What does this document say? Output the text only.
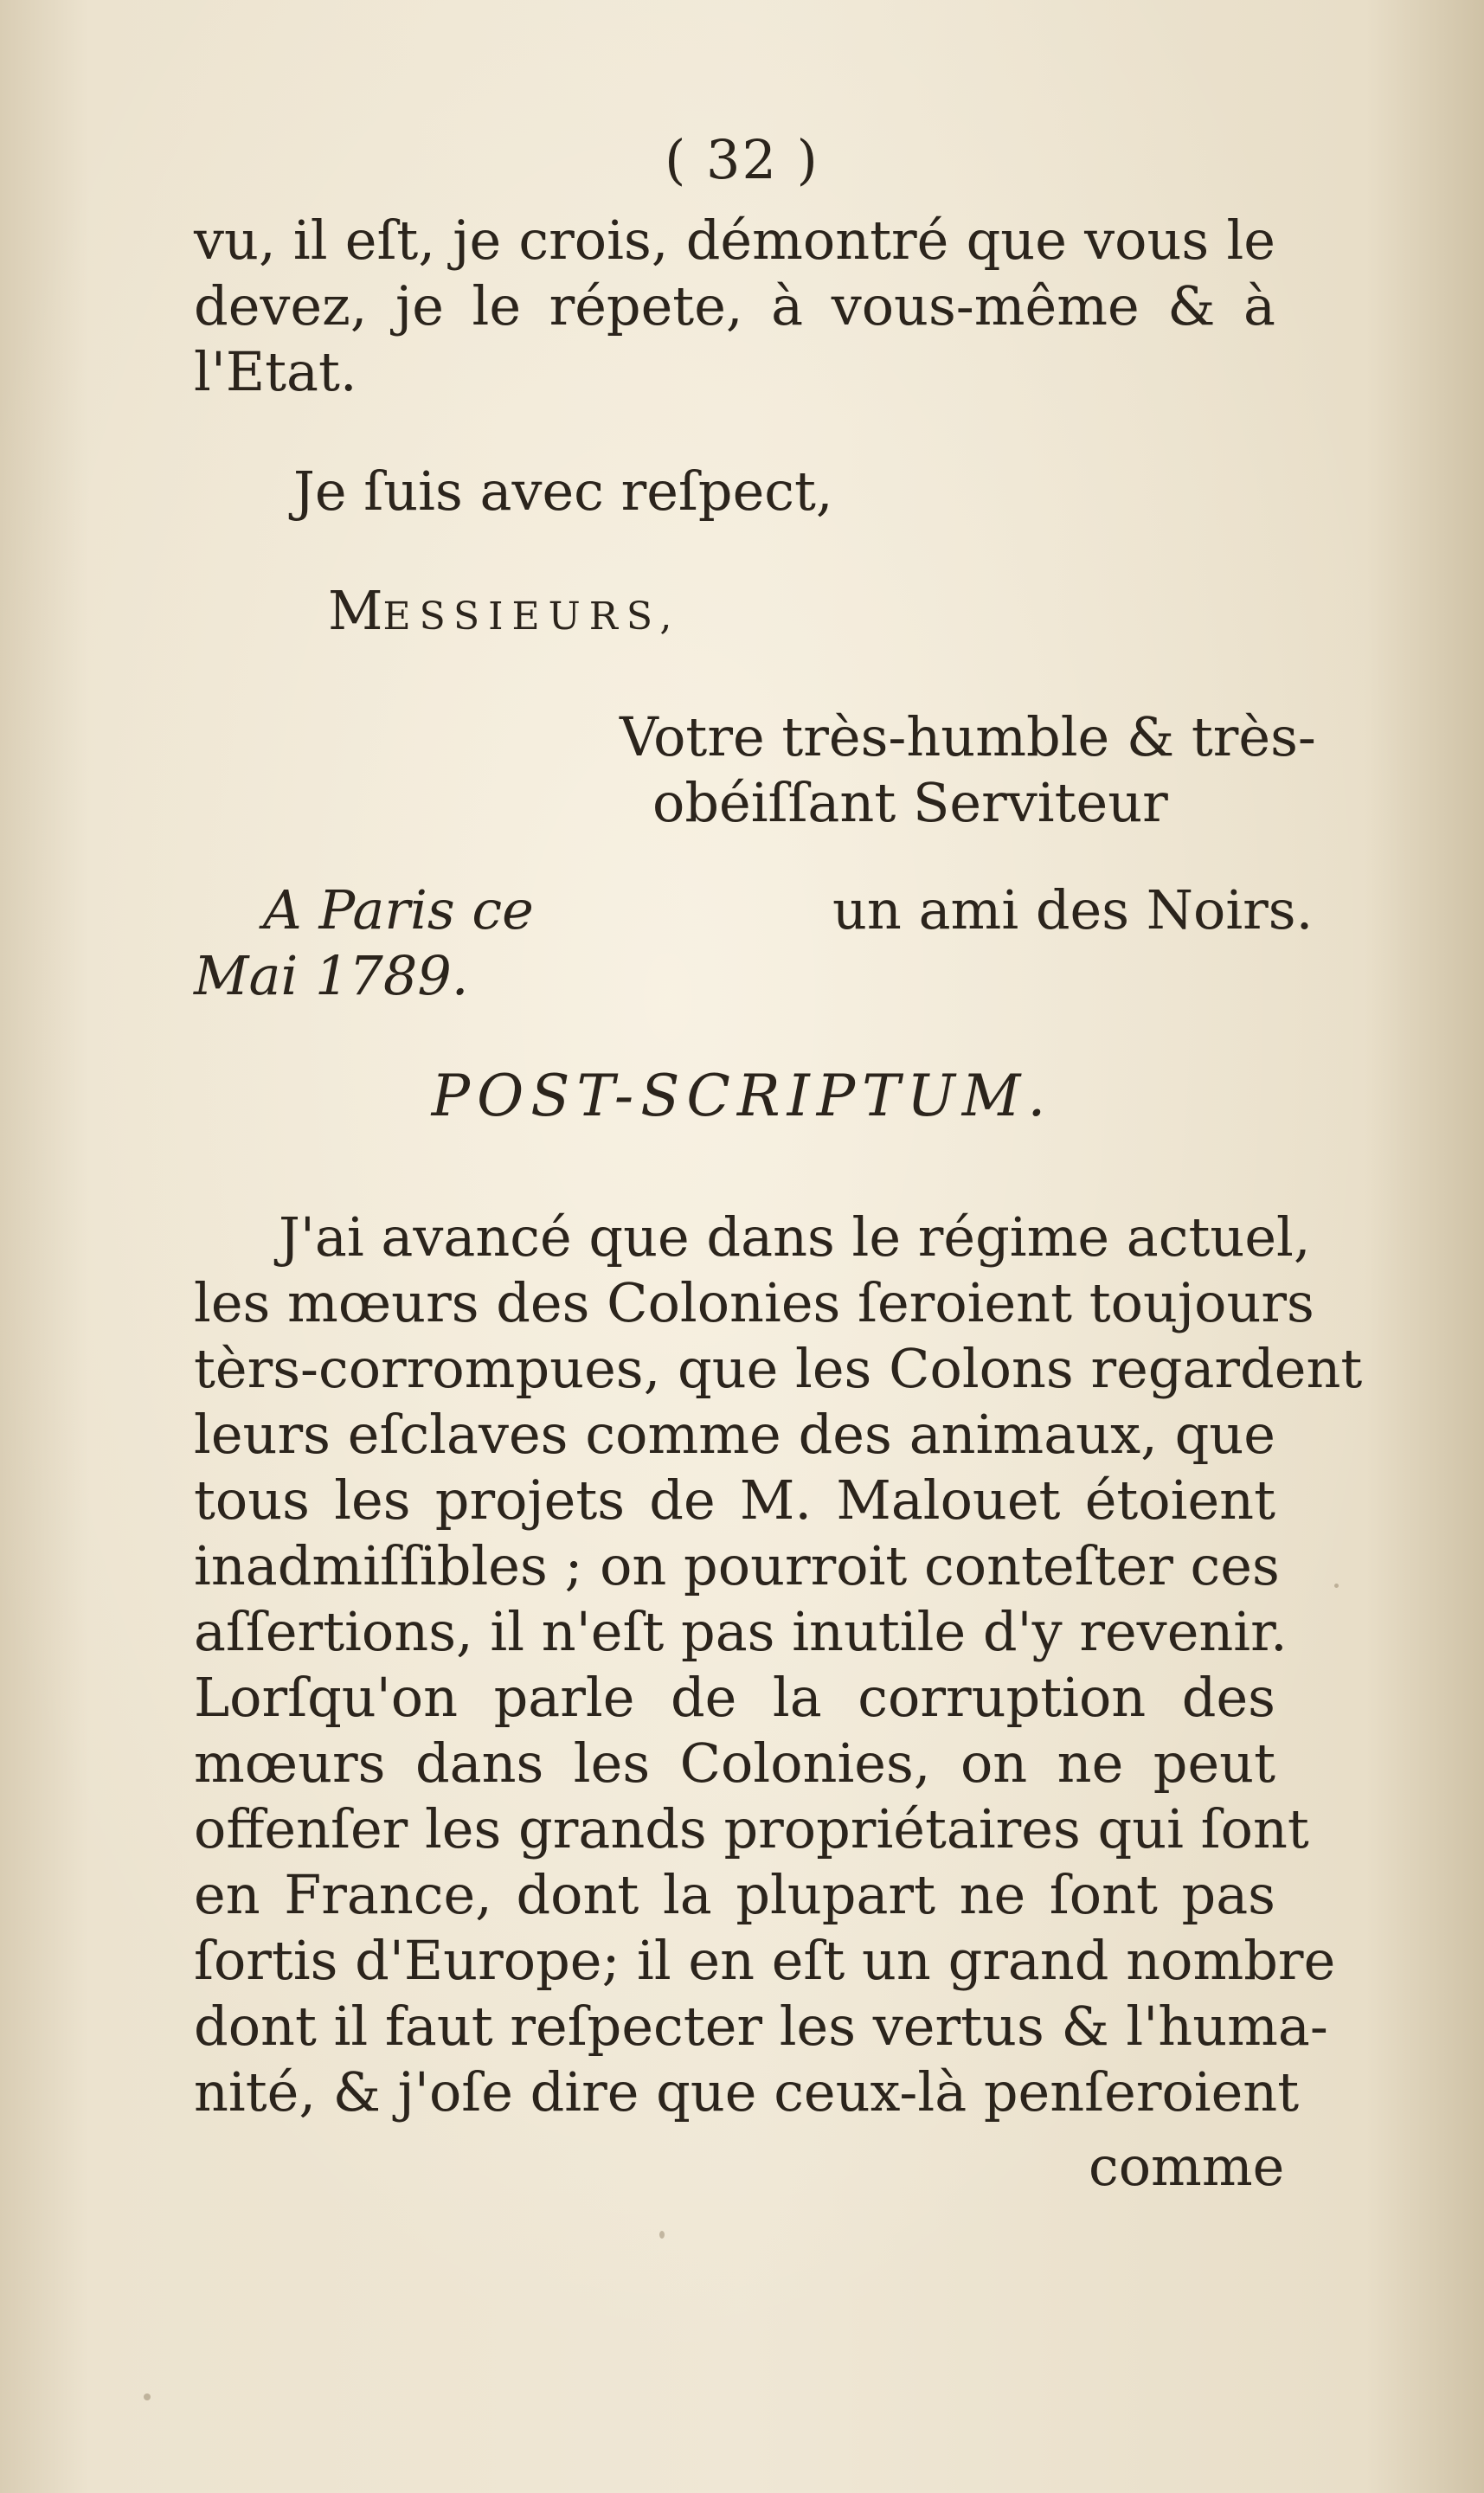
( 32 )
vu, il eſt, je crois, démontré que vous le
devez, je le répete, à vous-même & à
l'Etat.
Je ſuis avec reſpect,
MESSIEURS,
Votre très-humble & très-
obéiſſant Serviteur
A Paris ce	un ami des Noirs.
Mai 1789.
POST-SCRIPTUM.
J'ai avancé que dans le régime actuel,
les mœurs des Colonies ſeroient toujours
tèrs-corrompues, que les Colons regardent
leurs eſclaves comme des animaux, que
tous les projets de M. Malouet étoient
inadmiſſibles ; on pourroit conteſter ces
aſſertions, il n'eſt pas inutile d'y revenir.
Lorſqu'on parle de la corruption des
mœurs dans les Colonies, on ne peut
offenſer les grands propriétaires qui ſont
en France, dont la plupart ne ſont pas
ſortis d'Europe; il en eſt un grand nombre
dont il faut reſpecter les vertus & l'huma-
nité, & j'oſe dire que ceux-là penſeroient
comme
